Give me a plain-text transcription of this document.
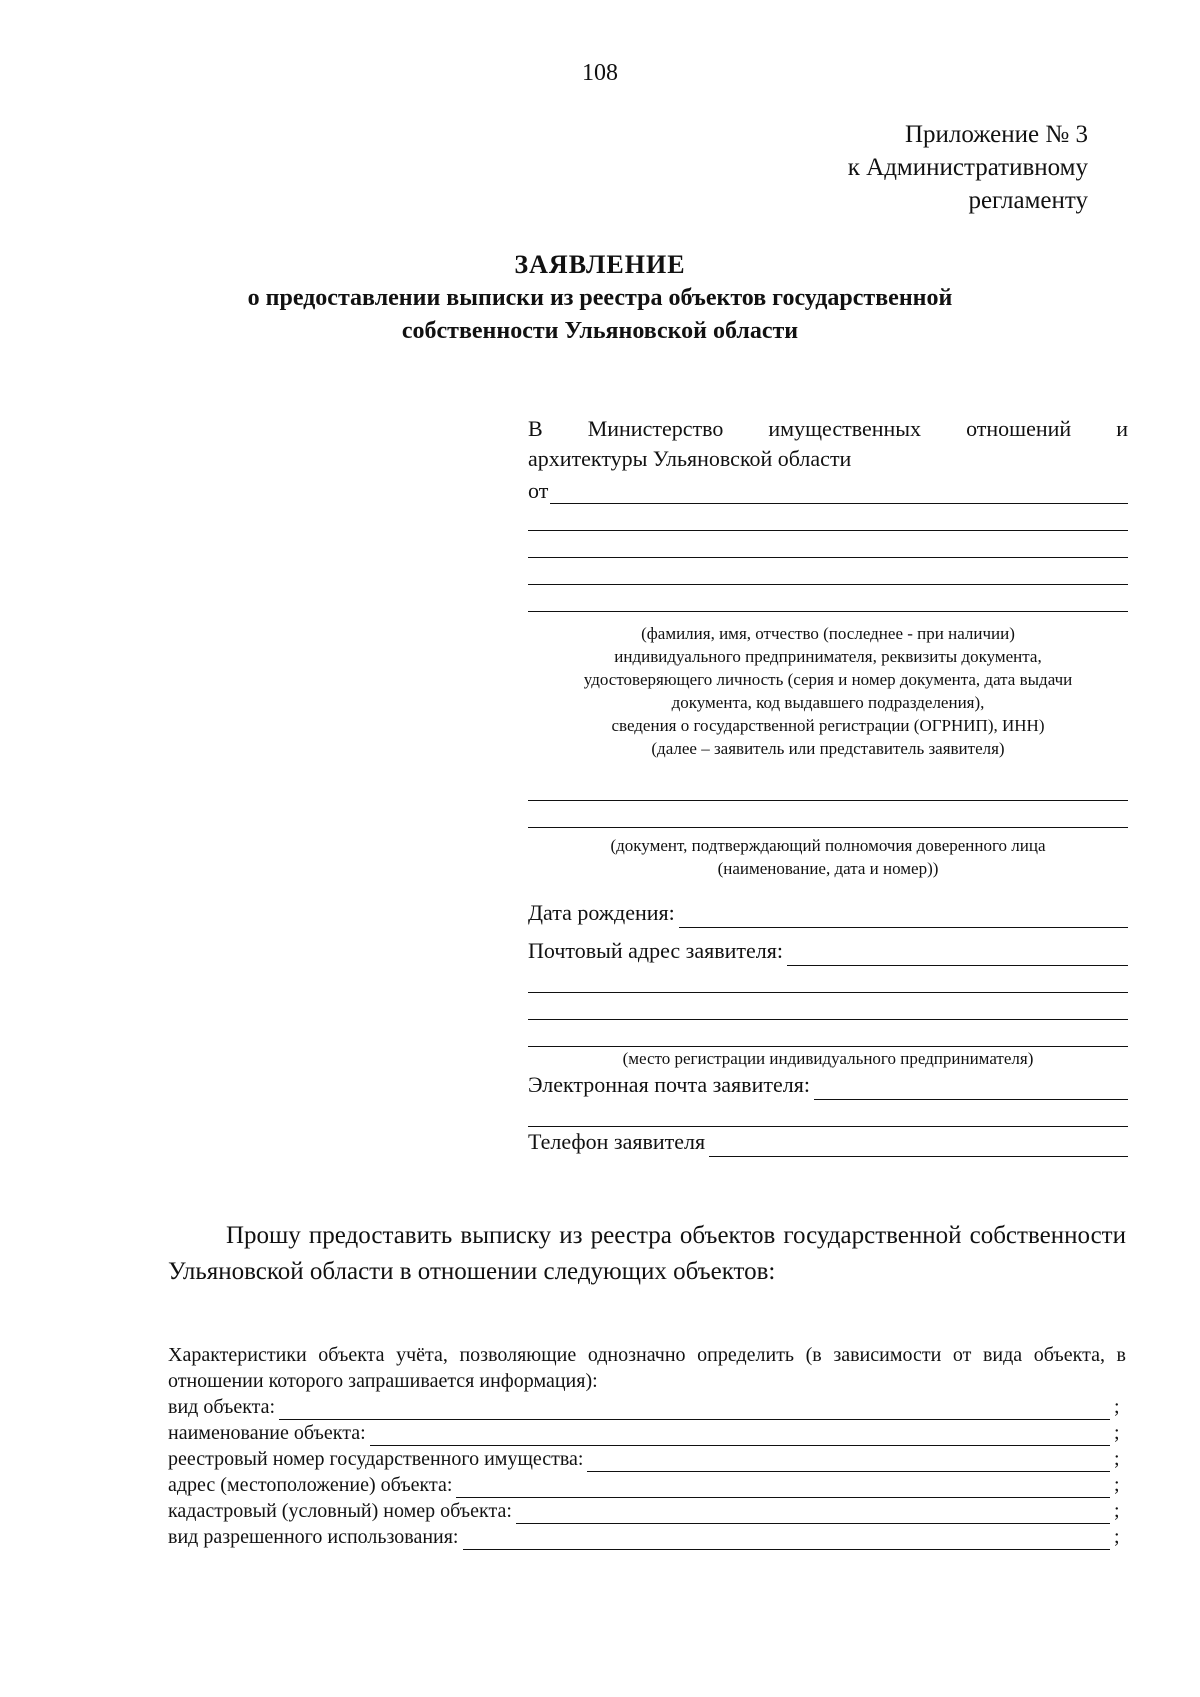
108
Приложение № 3
к Административному
регламенту
ЗАЯВЛЕНИЕ
о предоставлении выписки из реестра объектов государственной
собственности Ульяновской области
В Министерство имущественных отношений и
архитектуры Ульяновской области
от
(фамилия, имя, отчество (последнее - при наличии)
индивидуального предпринимателя, реквизиты документа,
удостоверяющего личность (серия и номер документа, дата выдачи
документа, код выдавшего подразделения),
сведения о государственной регистрации (ОГРНИП), ИНН)
(далее – заявитель или представитель заявителя)
(документ, подтверждающий полномочия доверенного лица
(наименование, дата и номер))
Дата рождения:
Почтовый адрес заявителя:
(место регистрации индивидуального предпринимателя)
Электронная почта заявителя:
Телефон заявителя
Прошу предоставить выписку из реестра объектов государственной собственности Ульяновской области в отношении следующих объектов:
Характеристики объекта учёта, позволяющие однозначно определить (в зависимости от вида объекта, в отношении которого запрашивается информация):
вид объекта:	;
наименование объекта:	;
реестровый номер государственного имущества:	;
адрес (местоположение) объекта:	;
кадастровый (условный) номер объекта:	;
вид разрешенного использования:	;
